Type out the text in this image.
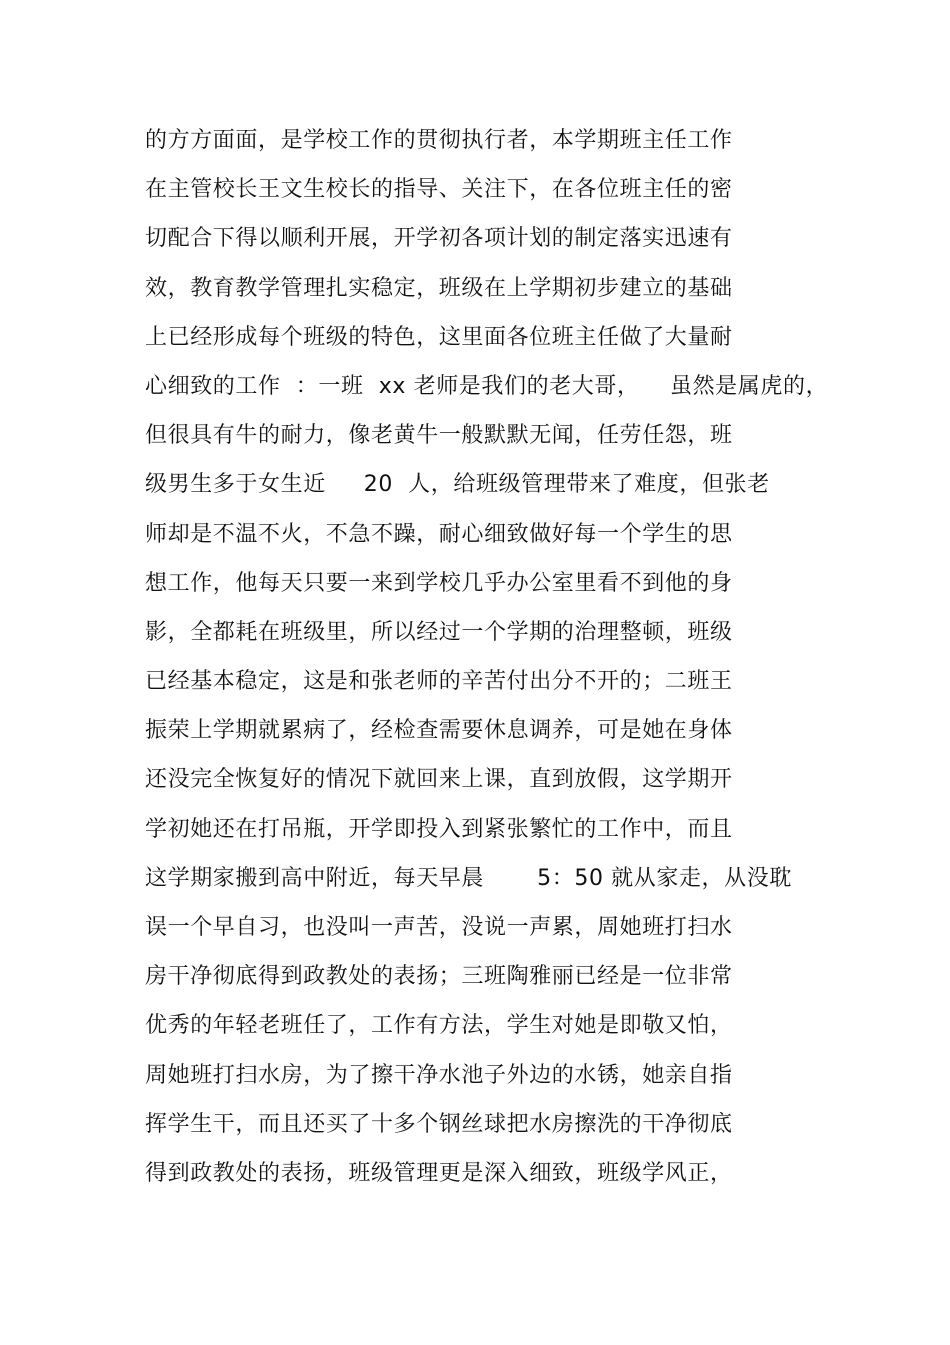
的方方面面，是学校工作的贯彻执行者，本学期班主任工作
在主管校长王文生校长的指导、关注下，在各位班主任的密
切配合下得以顺利开展，开学初各项计划的制定落实迅速有
效，教育教学管理扎实稳定，班级在上学期初步建立的基础
上已经形成每个班级的特色，这里面各位班主任做了大量耐
心细致的工作  ：一班  xx 老师是我们的老大哥，    虽然是属虎的，
但很具有牛的耐力，像老黄牛一般默默无闻，任劳任怨，班
级男生多于女生近     20  人，给班级管理带来了难度，但张老
师却是不温不火，不急不躁，耐心细致做好每一个学生的思
想工作，他每天只要一来到学校几乎办公室里看不到他的身
影，全都耗在班级里，所以经过一个学期的治理整顿，班级
已经基本稳定，这是和张老师的辛苦付出分不开的；二班王
振荣上学期就累病了，经检查需要休息调养，可是她在身体
还没完全恢复好的情况下就回来上课，直到放假，这学期开
学初她还在打吊瓶，开学即投入到紧张繁忙的工作中，而且
这学期家搬到高中附近，每天早晨       5：50 就从家走，从没耽
误一个早自习，也没叫一声苦，没说一声累，周她班打扫水
房干净彻底得到政教处的表扬；三班陶雅丽已经是一位非常
优秀的年轻老班任了，工作有方法，学生对她是即敬又怕，
周她班打扫水房，为了擦干净水池子外边的水锈，她亲自指
挥学生干，而且还买了十多个钢丝球把水房擦洗的干净彻底
得到政教处的表扬，班级管理更是深入细致，班级学风正，
